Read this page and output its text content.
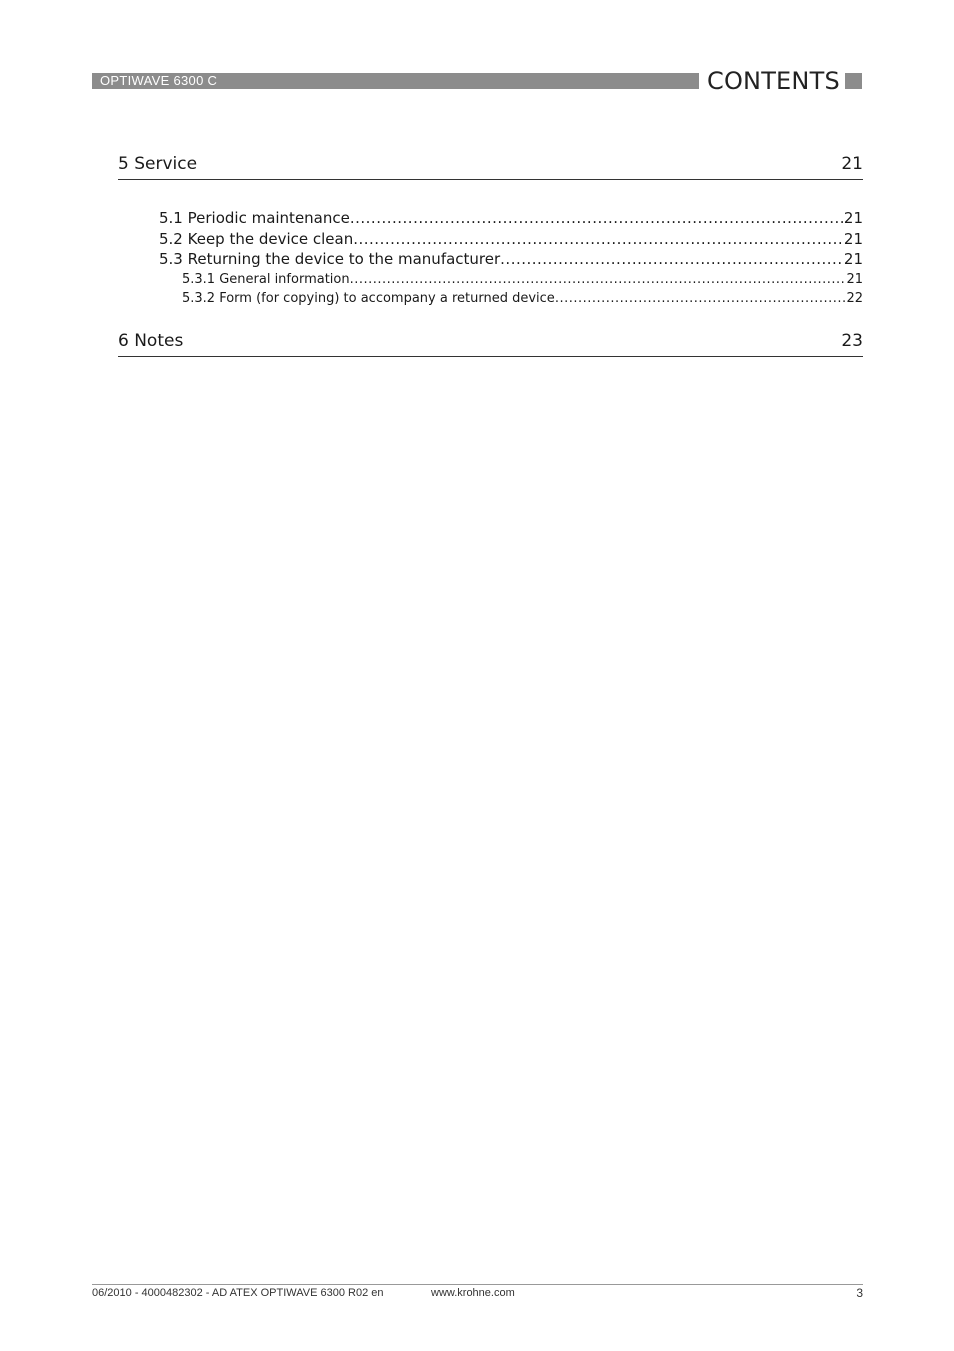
OPTIWAVE 6300 C	CONTENTS
5 Service	21
5.1 Periodic maintenance .....	21
5.2 Keep the device clean .....	21
5.3 Returning the device to the manufacturer .....	21
5.3.1 General information .....	21
5.3.2 Form (for copying) to accompany a returned device .....	22
6 Notes	23
06/2010 - 4000482302 - AD ATEX OPTIWAVE 6300 R02 en	www.krohne.com	3
